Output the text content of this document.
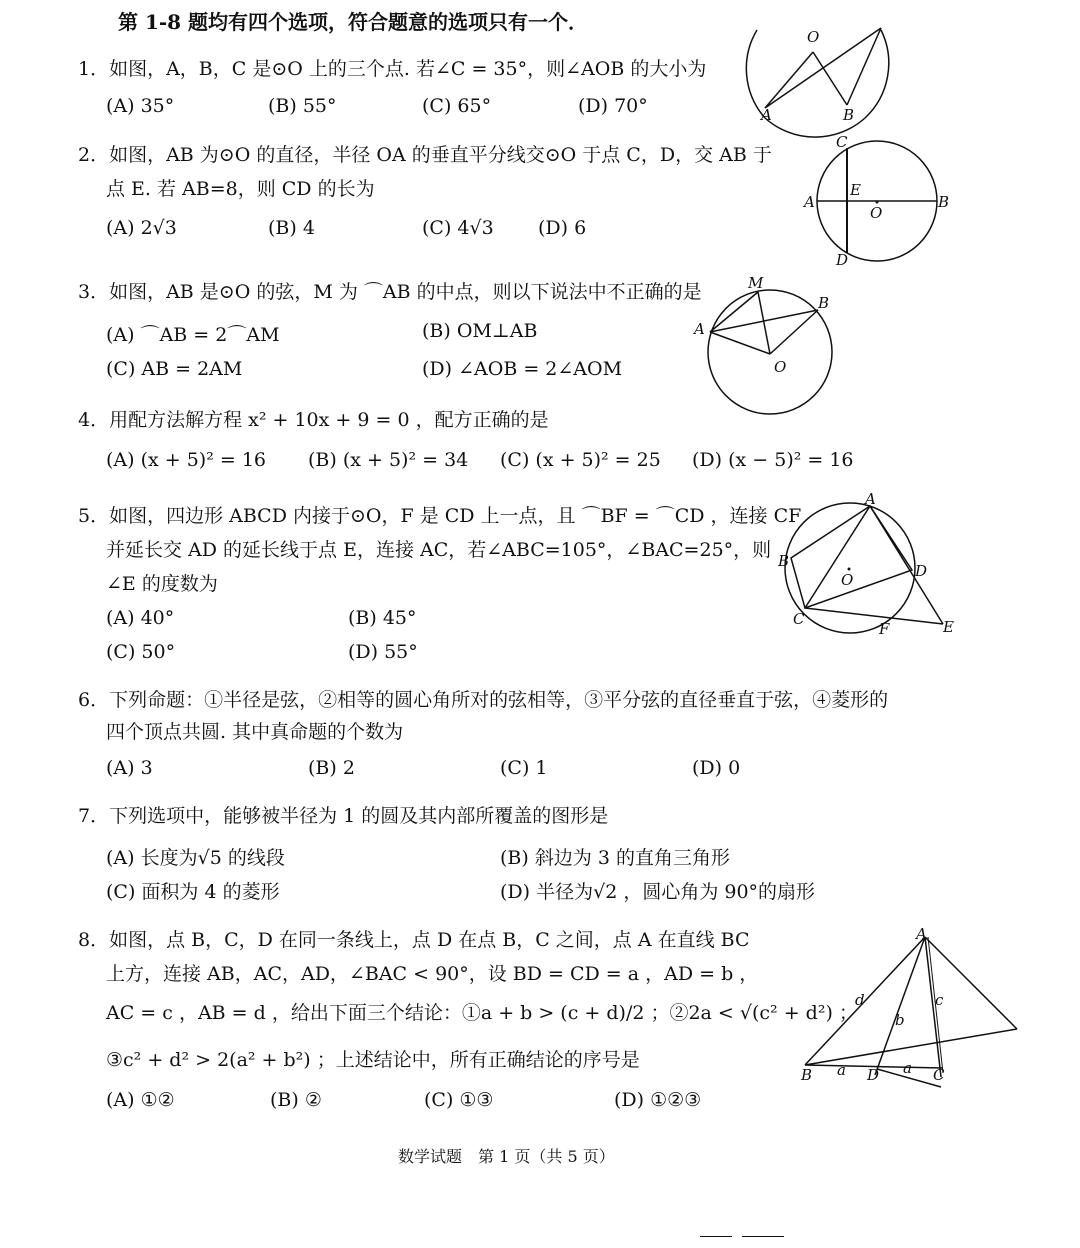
第 1-8 题均有四个选项，符合题意的选项只有一个．
1．如图，A，B，C 是⊙O 上的三个点. 若∠C = 35°，则∠AOB 的大小为
(A) 35°	(B) 55°	(C) 65°	(D) 70°
O
A	B
2．如图，AB 为⊙O 的直径，半径 OA 的垂直平分线交⊙O 于点 C，D，交 AB 于
点 E. 若 AB=8，则 CD 的长为
(A) 2√3	(B) 4	(C) 4√3 (D) 6
C
E
A
O
B
D
3．如图，AB 是⊙O 的弦，M 为 ⌒AB 的中点，则以下说法中不正确的是
(A) ⌒AB = 2⌒AM	(B) OM⊥AB
(C) AB = 2AM	(D) ∠AOB = 2∠AOM
M
B
A
O
4．用配方法解方程 x² + 10x + 9 = 0 ，配方正确的是
(A) (x + 5)² = 16 (B) (x + 5)² = 34 (C) (x + 5)² = 25 (D) (x − 5)² = 16
5．如图，四边形 ABCD 内接于⊙O，F 是 CD 上一点，且 ⌒BF = ⌒CD ，连接 CF
并延长交 AD 的延长线于点 E，连接 AC，若∠ABC=105°，∠BAC=25°，则
∠E 的度数为
(A) 40°	(B) 45°
(C) 50°	(D) 55°
A
B
O	D
C
F	E
6．下列命题：①半径是弦，②相等的圆心角所对的弦相等，③平分弦的直径垂直于弦，④菱形的
四个顶点共圆. 其中真命题的个数为
(A) 3	(B) 2	(C) 1	(D) 0
7．下列选项中，能够被半径为 1 的圆及其内部所覆盖的图形是
(A) 长度为√5 的线段	(B) 斜边为 3 的直角三角形
(C) 面积为 4 的菱形	(D) 半径为√2 ，圆心角为 90°的扇形
8．如图，点 B，C，D 在同一条线上，点 D 在点 B，C 之间，点 A 在直线 BC
上方，连接 AB，AC，AD，∠BAC < 90°，设 BD = CD = a ，AD = b ，
AC = c ，AB = d ，给出下面三个结论：①a + b > (c + d)/2 ；②2a < √(c² + d²) ；
③c² + d² > 2(a² + b²) ；上述结论中，所有正确结论的序号是
(A) ①②	(B) ②	(C) ①③	(D) ①②③
A
d	c
b
B a D a C
数学试题　第 1 页（共 5 页）
